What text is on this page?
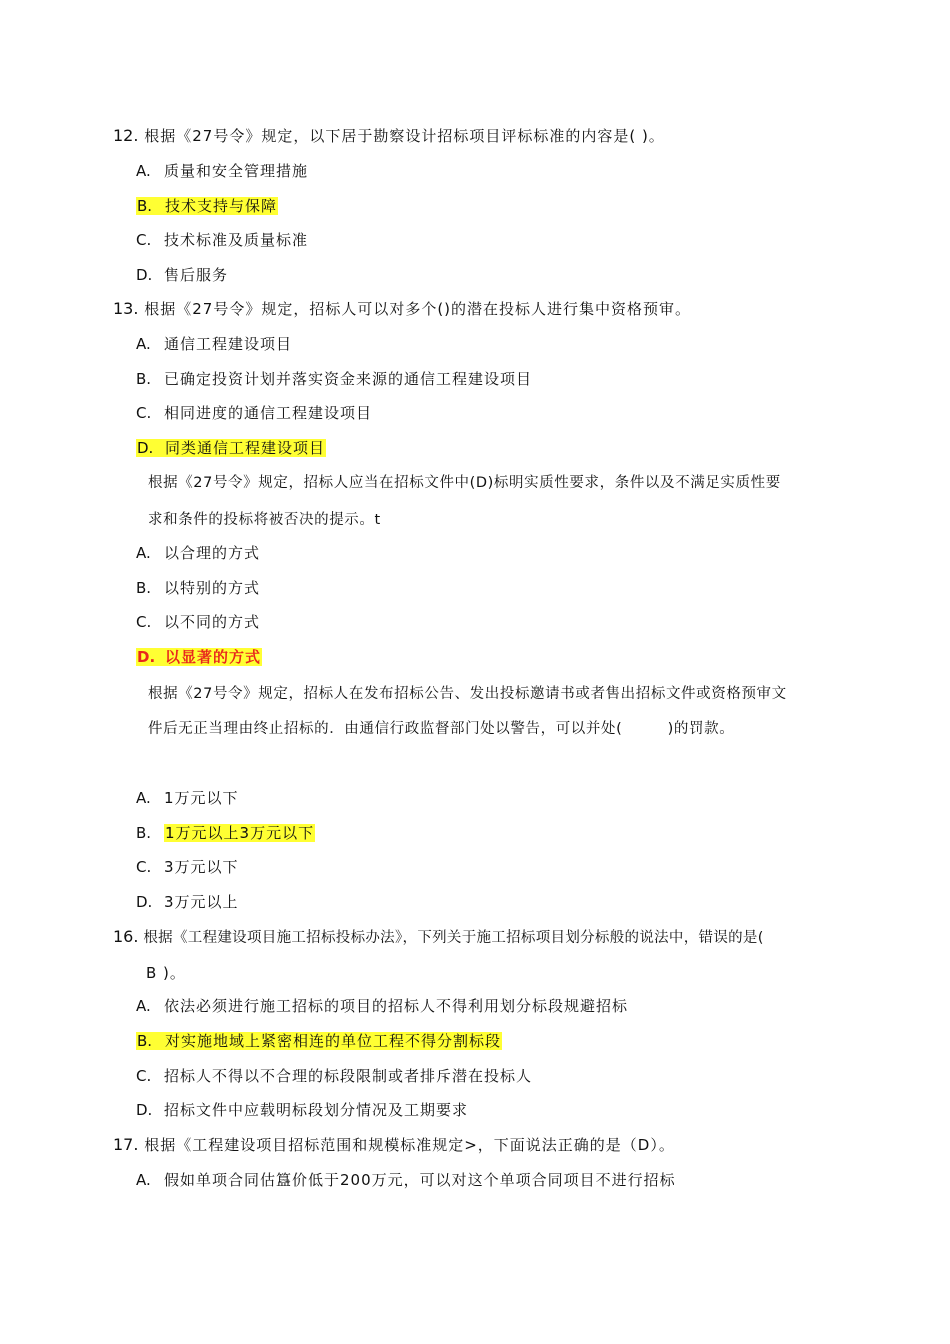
12. 根据《27号令》规定，以下居于勘察设计招标项目评标标准的内容是( )。
A. 质量和安全管理措施
B. 技术支持与保障
C. 技术标准及质量标准
D. 售后服务
13. 根据《27号令》规定，招标人可以对多个()的潜在投标人进行集中资格预审。
A. 通信工程建设项目
B. 已确定投资计划并落实资金来源的通信工程建设项目
C. 相同进度的通信工程建设项目
D. 同类通信工程建设项目
根据《27号令》规定，招标人应当在招标文件中(D)标明实质性要求，条件以及不满足实质性要
求和条件的投标将被否决的提示。t
A. 以合理的方式
B. 以特别的方式
C. 以不同的方式
D. 以显著的方式
根据《27号令》规定，招标人在发布招标公告、发出投标邀请书或者售出招标文件或资格预审文
件后无正当理由终止招标的．由通信行政监督部门处以警告，可以并处(　　　)的罚款。
A. 1万元以下
B. 1万元以上3万元以下
C. 3万元以下
D. 3万元以上
16. 根据《工程建设项目施工招标投标办法》，下列关于施工招标项目划分标般的说法中，错误的是(
B )。
A. 依法必须进行施工招标的项目的招标人不得利用划分标段规避招标
B. 对实施地域上紧密相连的单位工程不得分割标段
C. 招标人不得以不合理的标段限制或者排斥潜在投标人
D. 招标文件中应载明标段划分情况及工期要求
17. 根据《工程建设项目招标范围和规模标准规定>，下面说法正确的是（D）。
A. 假如单项合同估簋价低于200万元，可以对这个单项合同项目不进行招标
